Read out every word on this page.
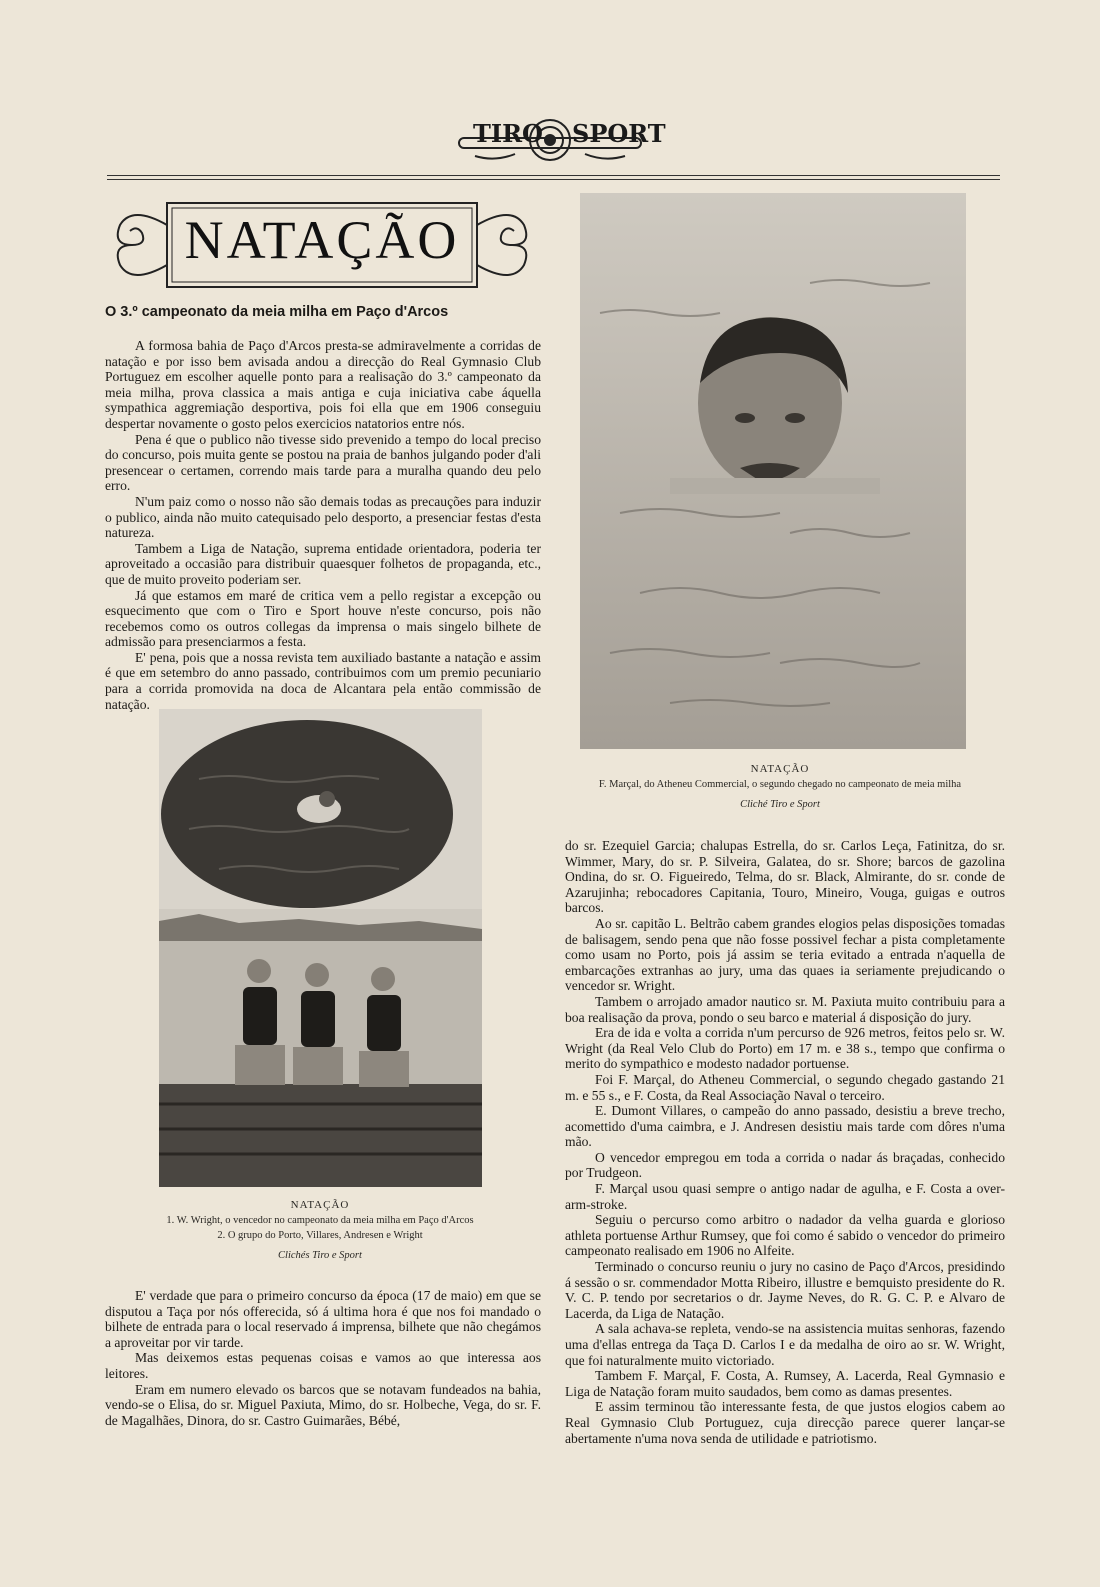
TIRO SPORT
NATAÇÃO
O 3.º campeonato da meia milha em Paço d'Arcos

A formosa bahia de Paço d'Arcos presta-se admiravelmente a corridas de natação e por isso bem avisada andou a direcção do Real Gymnasio Club Portuguez em escolher aquelle ponto para a realisação do 3.º campeonato da meia milha, prova classica a mais antiga e cuja iniciativa cabe áquella sympathica aggremiação desportiva, pois foi ella que em 1906 conseguiu despertar novamente o gosto pelos exercicios natatorios entre nós.

Pena é que o publico não tivesse sido prevenido a tempo do local preciso do concurso, pois muita gente se postou na praia de banhos julgando poder d'ali presencear o certamen, correndo mais tarde para a muralha quando deu pelo erro.

N'um paiz como o nosso não são demais todas as precauções para induzir o publico, ainda não muito catequisado pelo desporto, a presenciar festas d'esta natureza.

Tambem a Liga de Natação, suprema entidade orientadora, poderia ter aproveitado a occasião para distribuir quaesquer folhetos de propaganda, etc., que de muito proveito poderiam ser.

Já que estamos em maré de critica vem a pello registar a excepção ou esquecimento que com o Tiro e Sport houve n'este concurso, pois não recebemos como os outros collegas da imprensa o mais singelo bilhete de admissão para presenciarmos a festa.

E' pena, pois que a nossa revista tem auxiliado bastante a natação e assim é que em setembro do anno passado, contribuimos com um premio pecuniario para a corrida promovida na doca de Alcantara pela então commissão de natação.

NATAÇÃO
F. Marçal, do Atheneu Commercial, o segundo chegado no campeonato de meia milha
Cliché Tiro e Sport
NATAÇÃO
1. W. Wright, o vencedor no campeonato da meia milha em Paço d'Arcos
2. O grupo do Porto, Villares, Andresen e Wright
Clichés Tiro e Sport

E' verdade que para o primeiro concurso da época (17 de maio) em que se disputou a Taça por nós offerecida, só á ultima hora é que nos foi mandado o bilhete de entrada para o local reservado á imprensa, bilhete que não chegámos a aproveitar por vir tarde.

Mas deixemos estas pequenas coisas e vamos ao que interessa aos leitores.

Eram em numero elevado os barcos que se notavam fundeados na bahia, vendo-se o Elisa, do sr. Miguel Paxiuta, Mimo, do sr. Holbeche, Vega, do sr. F. de Magalhães, Dinora, do sr. Castro Guimarães, Bébé,

do sr. Ezequiel Garcia; chalupas Estrella, do sr. Carlos Leça, Fatinitza, do sr. Wimmer, Mary, do sr. P. Silveira, Galatea, do sr. Shore; barcos de gazolina Ondina, do sr. O. Figueiredo, Telma, do sr. Black, Almirante, do sr. conde de Azarujinha; rebocadores Capitania, Touro, Mineiro, Vouga, guigas e outros barcos.

Ao sr. capitão L. Beltrão cabem grandes elogios pelas disposições tomadas de balisagem, sendo pena que não fosse possivel fechar a pista completamente como usam no Porto, pois já assim se teria evitado a entrada n'aquella de embarcações extranhas ao jury, uma das quaes ia seriamente prejudicando o vencedor sr. Wright.

Tambem o arrojado amador nautico sr. M. Paxiuta muito contribuiu para a boa realisação da prova, pondo o seu barco e material á disposição do jury.

Era de ida e volta a corrida n'um percurso de 926 metros, feitos pelo sr. W. Wright (da Real Velo Club do Porto) em 17 m. e 38 s., tempo que confirma o merito do sympathico e modesto nadador portuense.

Foi F. Marçal, do Atheneu Commercial, o segundo chegado gastando 21 m. e 55 s., e F. Costa, da Real Associação Naval o terceiro.

E. Dumont Villares, o campeão do anno passado, desistiu a breve trecho, acomettido d'uma caimbra, e J. Andresen desistiu mais tarde com dôres n'uma mão.

O vencedor empregou em toda a corrida o nadar ás braçadas, conhecido por Trudgeon.

F. Marçal usou quasi sempre o antigo nadar de agulha, e F. Costa a over-arm-stroke.

Seguiu o percurso como arbitro o nadador da velha guarda e glorioso athleta portuense Arthur Rumsey, que foi como é sabido o vencedor do primeiro campeonato realisado em 1906 no Alfeite.

Terminado o concurso reuniu o jury no casino de Paço d'Arcos, presidindo á sessão o sr. commendador Motta Ribeiro, illustre e bemquisto presidente do R. V. C. P. tendo por secretarios o dr. Jayme Neves, do R. G. C. P. e Alvaro de Lacerda, da Liga de Natação.

A sala achava-se repleta, vendo-se na assistencia muitas senhoras, fazendo uma d'ellas entrega da Taça D. Carlos I e da medalha de oiro ao sr. W. Wright, que foi naturalmente muito victoriado.

Tambem F. Marçal, F. Costa, A. Rumsey, A. Lacerda, Real Gymnasio e Liga de Natação foram muito saudados, bem como as damas presentes.

E assim terminou tão interessante festa, de que justos elogios cabem ao Real Gymnasio Club Portuguez, cuja direcção parece querer lançar-se abertamente n'uma nova senda de utilidade e patriotismo.
